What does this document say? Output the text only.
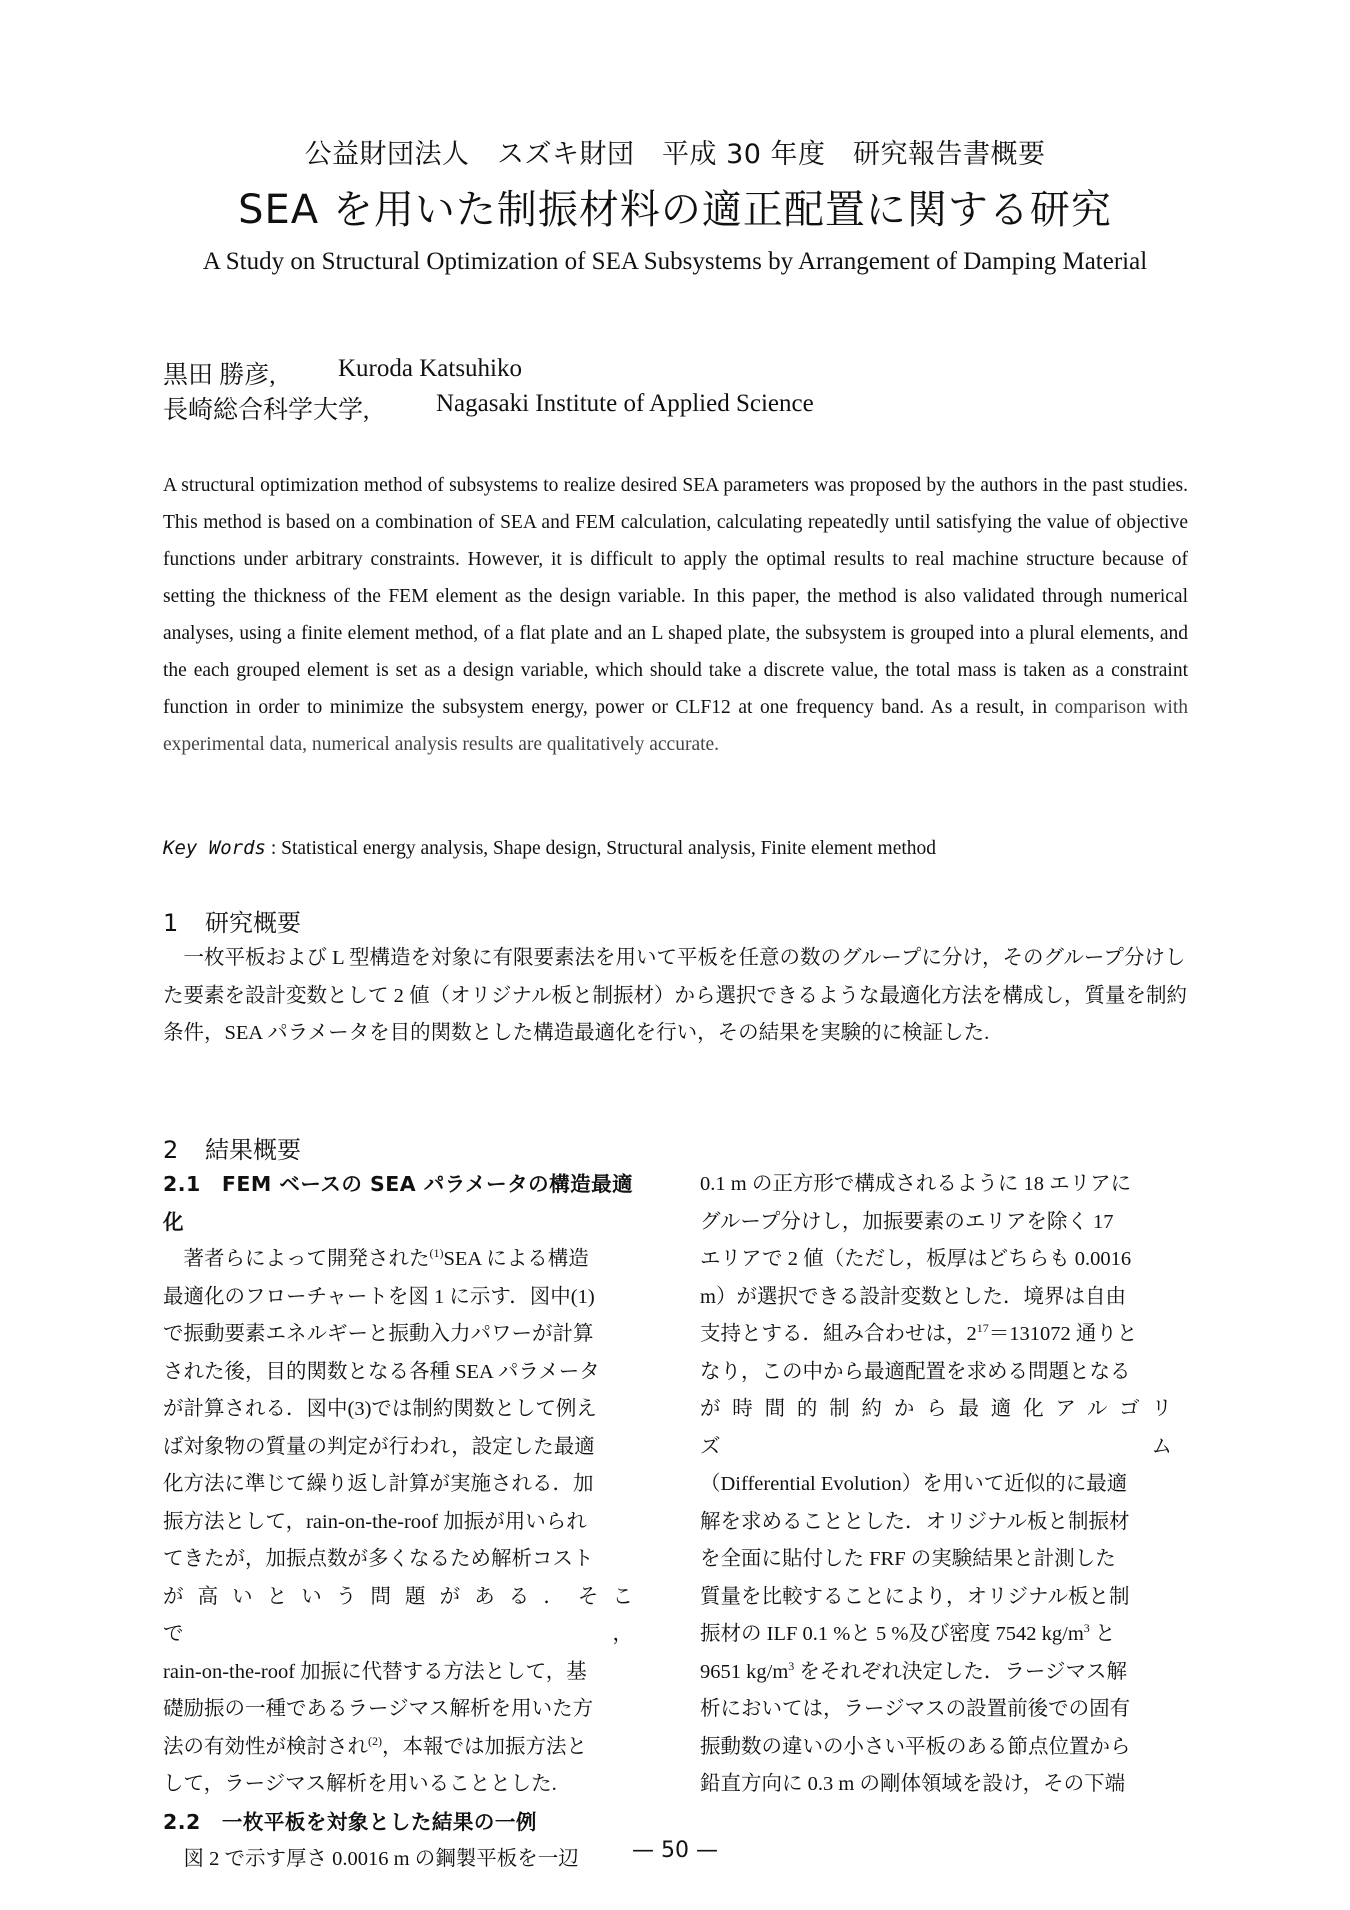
公益財団法人　スズキ財団　平成 30 年度　研究報告書概要
SEA を用いた制振材料の適正配置に関する研究
A Study on Structural Optimization of SEA Subsystems by Arrangement of Damping Material
黒田 勝彦, Kuroda Katsuhiko
長崎総合科学大学,	Nagasaki Institute of Applied Science
A structural optimization method of subsystems to realize desired SEA parameters was proposed by the authors in the past studies. This method is based on a combination of SEA and FEM calculation, calculating repeatedly until satisfying the value of objective functions under arbitrary constraints. However, it is difficult to apply the optimal results to real machine structure because of setting the thickness of the FEM element as the design variable. In this paper, the method is also validated through numerical analyses, using a finite element method, of a flat plate and an L shaped plate, the subsystem is grouped into a plural elements, and the each grouped element is set as a design variable, which should take a discrete value, the total mass is taken as a constraint function in order to minimize the subsystem energy, power or CLF12 at one frequency band. As a result, in comparison with experimental data, numerical analysis results are qualitatively accurate.
Key Words : Statistical energy analysis, Shape design, Structural analysis, Finite element method
1 研究概要
一枚平板および L 型構造を対象に有限要素法を用いて平板を任意の数のグループに分け，そのグループ分けした要素を設計変数として 2 値（オリジナル板と制振材）から選択できるような最適化方法を構成し，質量を制約条件，SEA パラメータを目的関数とした構造最適化を行い，その結果を実験的に検証した.
2 結果概要
2.1　 FEM ベースの SEA パラメータの構造最適化
　著者らによって開発された$^{(1)}$SEA による構造
最適化のフローチャートを図 1 に示す．図中(1)
で振動要素エネルギーと振動入力パワーが計算
された後，目的関数となる各種 SEA パラメータ
が計算される．図中(3)では制約関数として例え
ば対象物の質量の判定が行われ，設定した最適
化方法に準じて繰り返し計算が実施される．加
振方法として，rain-on-the-roof 加振が用いられ
てきたが，加振点数が多くなるため解析コスト
が高いという問題がある．そこで，
rain-on-the-roof 加振に代替する方法として，基
礎励振の一種であるラージマス解析を用いた方
法の有効性が検討され$^{(2)}$，本報では加振方法と
して，ラージマス解析を用いることとした.
2.2　 一枚平板を対象とした結果の一例
　図 2 で示す厚さ 0.0016 m の鋼製平板を一辺
0.1 m の正方形で構成されるように 18 エリアに
グループ分けし，加振要素のエリアを除く 17
エリアで 2 値（ただし，板厚はどちらも 0.0016
m）が選択できる設計変数とした．境界は自由
支持とする．組み合わせは，$2^{17}=131072$ 通りと
なり，この中から最適配置を求める問題となる
が時間的制約から最適化アルゴリズム
（Differential Evolution）を用いて近似的に最適
解を求めることとした．オリジナル板と制振材
を全面に貼付した FRF の実験結果と計測した
質量を比較することにより，オリジナル板と制
振材の ILF 0.1 %と 5 %及び密度 7542 $kg/m^3$ と
9651 $kg/m^3$ をそれぞれ決定した．ラージマス解
析においては，ラージマスの設置前後での固有
振動数の違いの小さい平板のある節点位置から
鉛直方向に 0.3 m の剛体領域を設け，その下端
— 50 —
